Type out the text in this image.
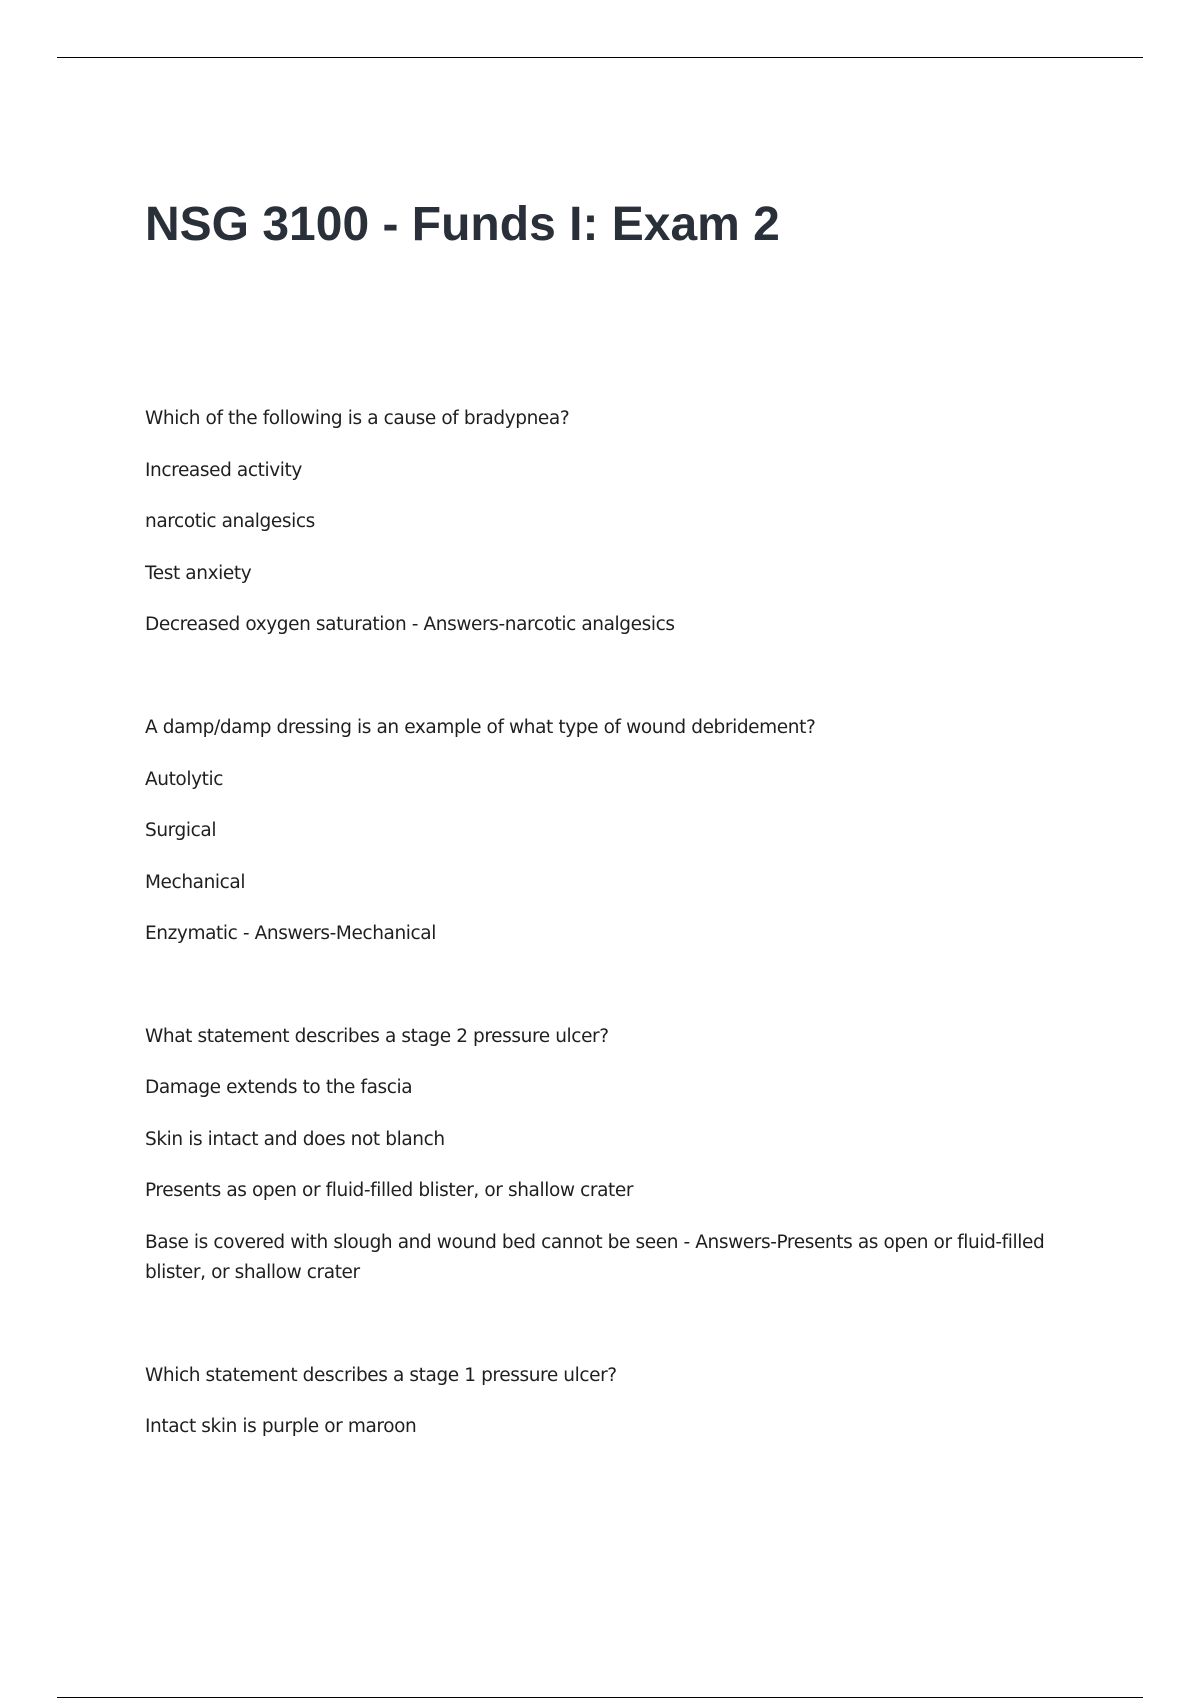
NSG 3100 - Funds I: Exam 2

Which of the following is a cause of bradypnea?

Increased activity

narcotic analgesics

Test anxiety

Decreased oxygen saturation - Answers-narcotic analgesics

A damp/damp dressing is an example of what type of wound debridement?

Autolytic

Surgical

Mechanical

Enzymatic - Answers-Mechanical

What statement describes a stage 2 pressure ulcer?

Damage extends to the fascia

Skin is intact and does not blanch

Presents as open or fluid-filled blister, or shallow crater

Base is covered with slough and wound bed cannot be seen - Answers-Presents as open or fluid-filled blister, or shallow crater

Which statement describes a stage 1 pressure ulcer?

Intact skin is purple or maroon
